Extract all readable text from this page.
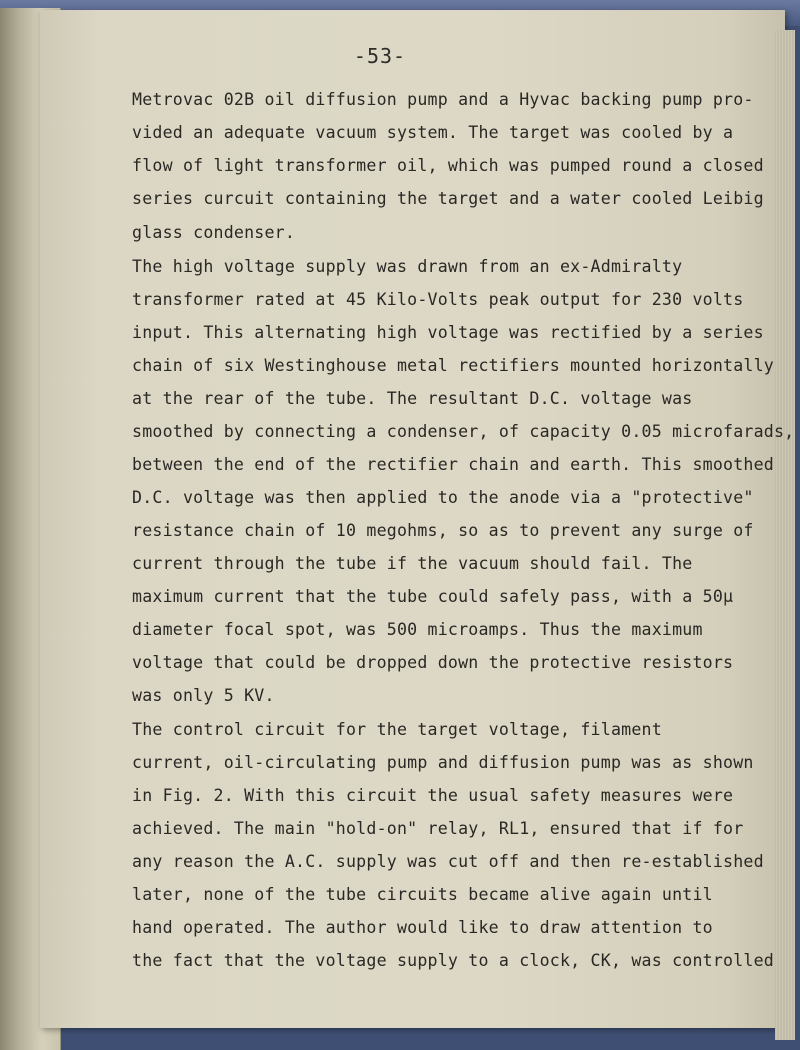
-53-
Metrovac 02B oil diffusion pump and a Hyvac backing pump pro-
vided an adequate vacuum system. The target was cooled by a
flow of light transformer oil, which was pumped round a closed
series curcuit containing the target and a water cooled Leibig
glass condenser.
The high voltage supply was drawn from an ex-Admiralty
transformer rated at 45 Kilo-Volts peak output for 230 volts
input. This alternating high voltage was rectified by a series
chain of six Westinghouse metal rectifiers mounted horizontally
at the rear of the tube. The resultant D.C. voltage was
smoothed by connecting a condenser, of capacity 0.05 microfarads,
between the end of the rectifier chain and earth. This smoothed
D.C. voltage was then applied to the anode via a "protective"
resistance chain of 10 megohms, so as to prevent any surge of
current through the tube if the vacuum should fail. The
maximum current that the tube could safely pass, with a 50μ
diameter focal spot, was 500 microamps. Thus the maximum
voltage that could be dropped down the protective resistors
was only 5 KV.
The control circuit for the target voltage, filament
current, oil-circulating pump and diffusion pump was as shown
in Fig. 2. With this circuit the usual safety measures were
achieved. The main "hold-on" relay, RL1, ensured that if for
any reason the A.C. supply was cut off and then re-established
later, none of the tube circuits became alive again until
hand operated. The author would like to draw attention to
the fact that the voltage supply to a clock, CK, was controlled
